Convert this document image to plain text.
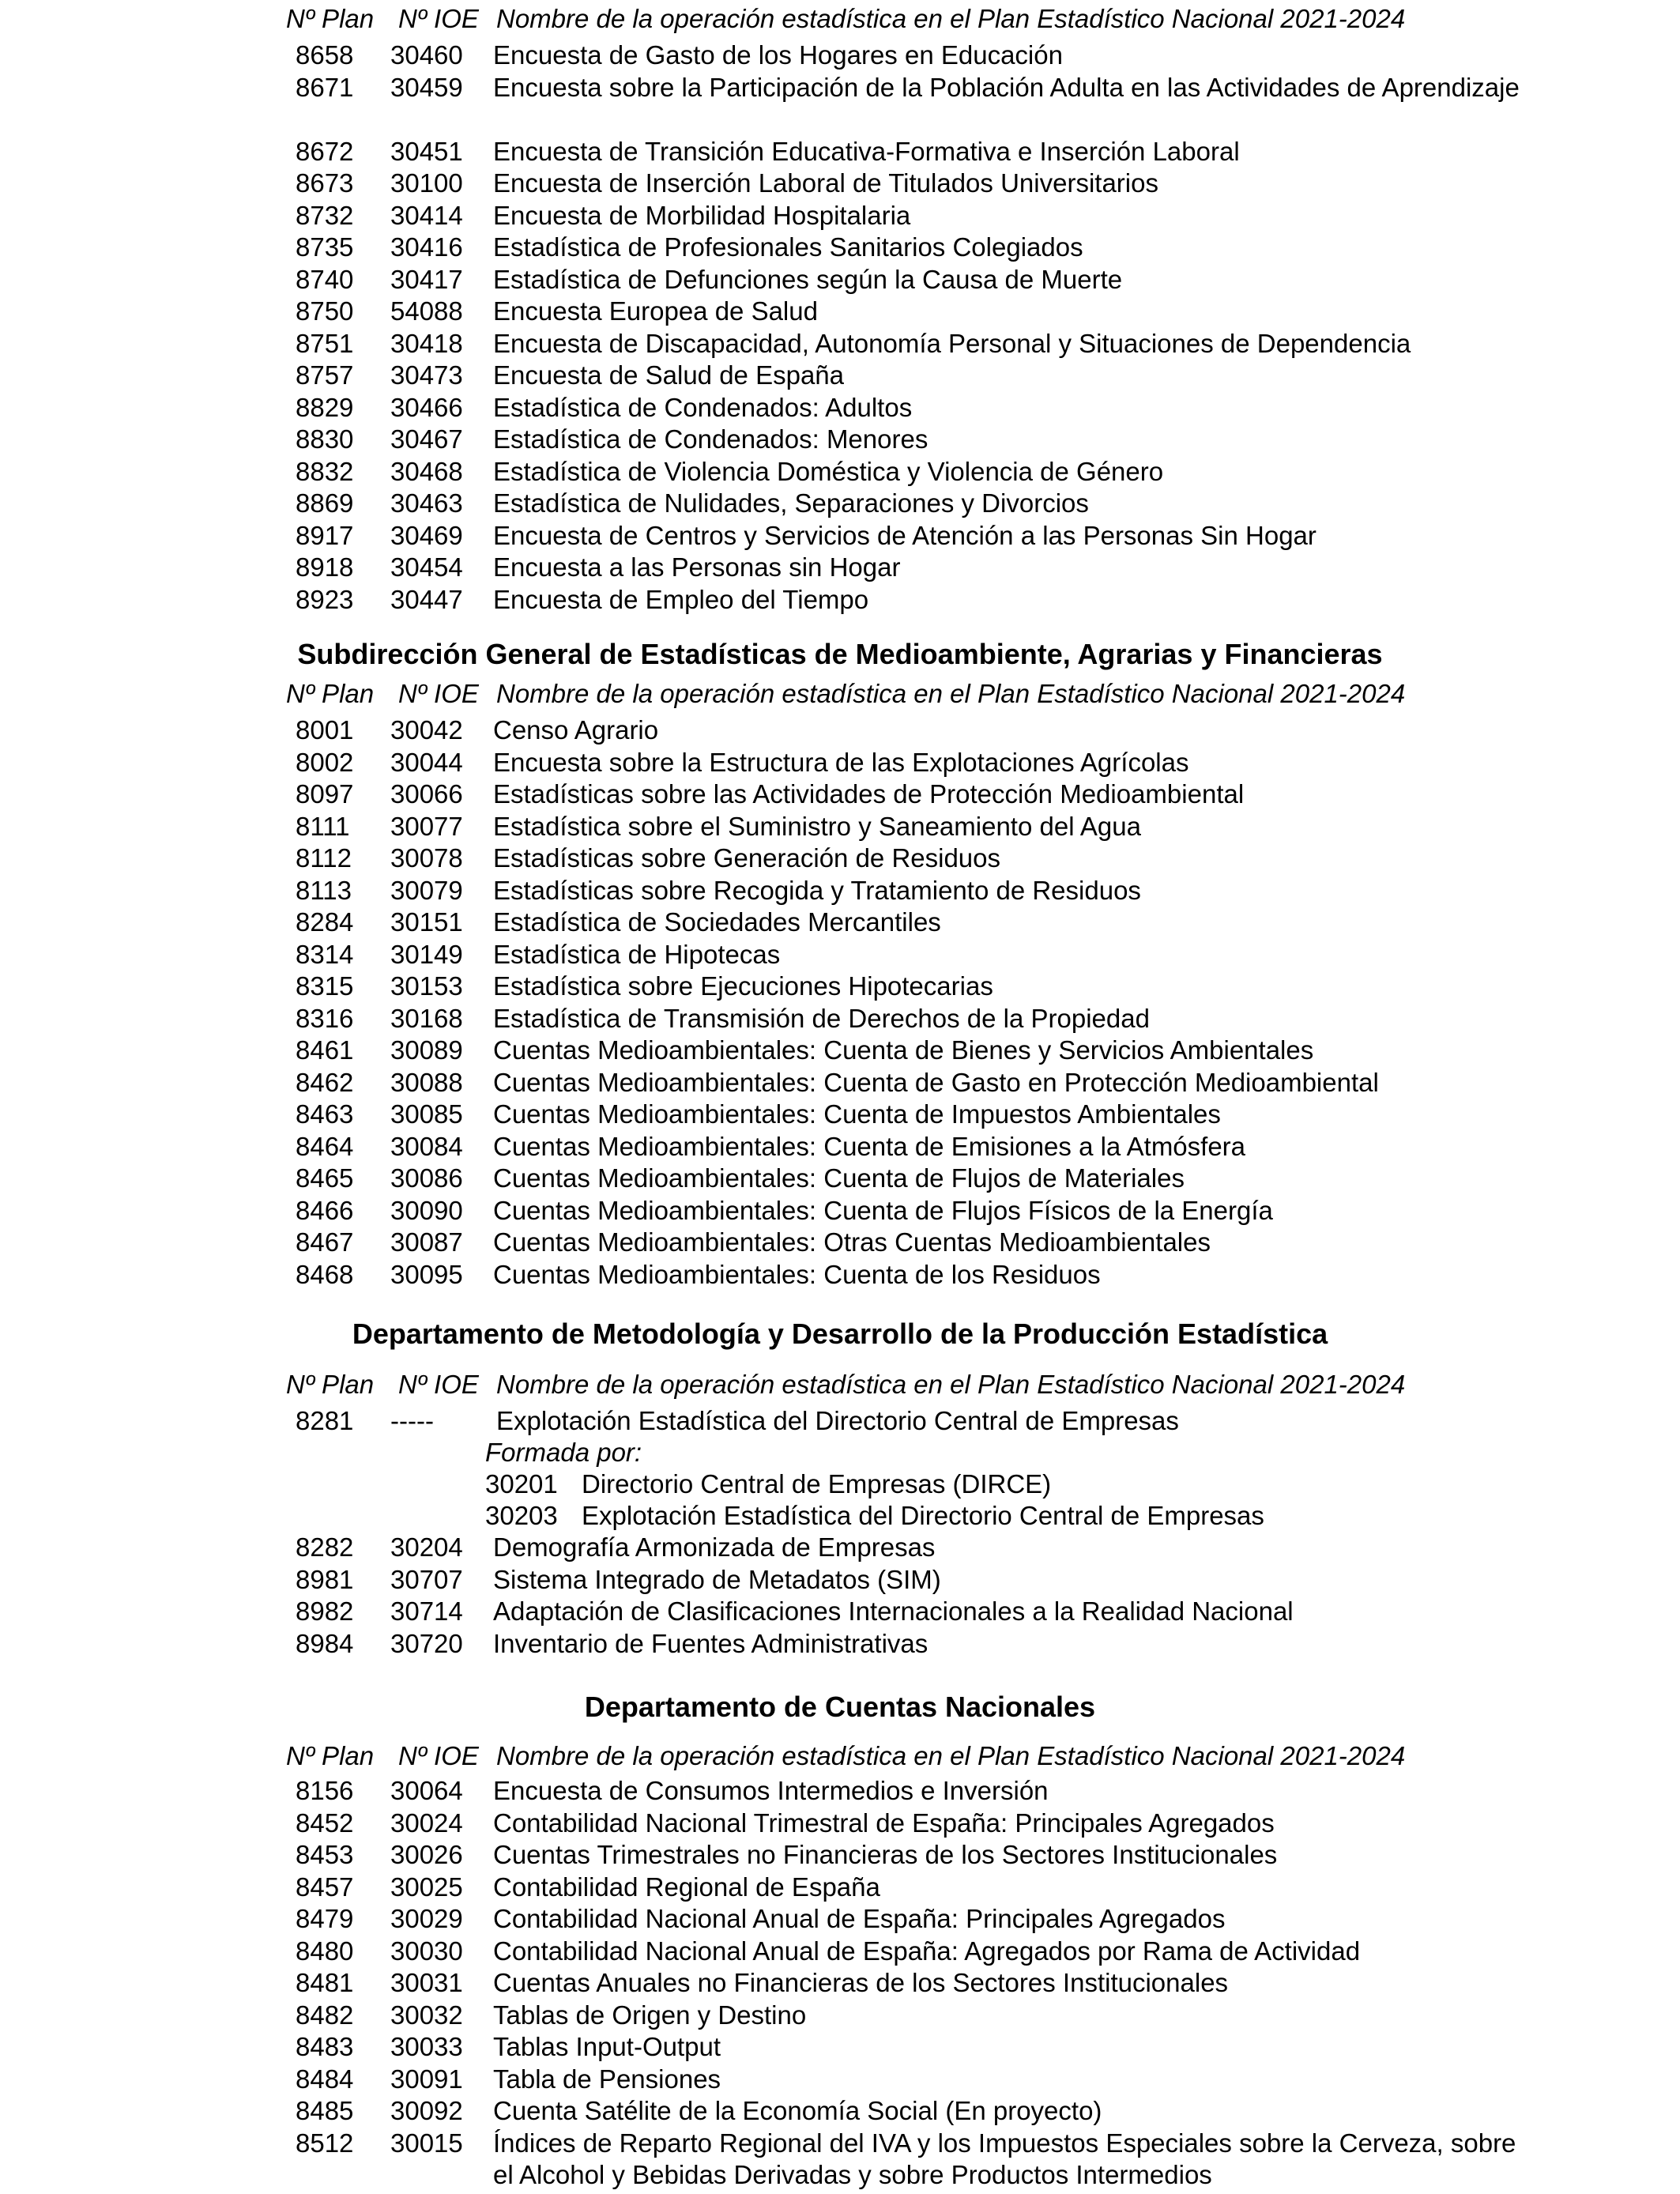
Nº Plan Nº IOE Nombre de la operación estadística en el Plan Estadístico Nacional 2021-2024
8658 30460 Encuesta de Gasto de los Hogares en Educación
8671 30459 Encuesta sobre la Participación de la Población Adulta en las Actividades de Aprendizaje
8672 30451 Encuesta de Transición Educativa-Formativa e Inserción Laboral
8673 30100 Encuesta de Inserción Laboral de Titulados Universitarios
8732 30414 Encuesta de Morbilidad Hospitalaria
8735 30416 Estadística de Profesionales Sanitarios Colegiados
8740 30417 Estadística de Defunciones según la Causa de Muerte
8750 54088 Encuesta Europea de Salud
8751 30418 Encuesta de Discapacidad, Autonomía Personal y Situaciones de Dependencia
8757 30473 Encuesta de Salud de España
8829 30466 Estadística de Condenados: Adultos
8830 30467 Estadística de Condenados: Menores
8832 30468 Estadística de Violencia Doméstica y Violencia de Género
8869 30463 Estadística de Nulidades, Separaciones y Divorcios
8917 30469 Encuesta de Centros y Servicios de Atención a las Personas Sin Hogar
8918 30454 Encuesta a las Personas sin Hogar
8923 30447 Encuesta de Empleo del Tiempo
Subdirección General de Estadísticas de Medioambiente, Agrarias y Financieras
Nº Plan Nº IOE Nombre de la operación estadística en el Plan Estadístico Nacional 2021-2024
8001 30042 Censo Agrario
8002 30044 Encuesta sobre la Estructura de las Explotaciones Agrícolas
8097 30066 Estadísticas sobre las Actividades de Protección Medioambiental
8111 30077 Estadística sobre el Suministro y Saneamiento del Agua
8112 30078 Estadísticas sobre Generación de Residuos
8113 30079 Estadísticas sobre Recogida y Tratamiento de Residuos
8284 30151 Estadística de Sociedades Mercantiles
8314 30149 Estadística de Hipotecas
8315 30153 Estadística sobre Ejecuciones Hipotecarias
8316 30168 Estadística de Transmisión de Derechos de la Propiedad
8461 30089 Cuentas Medioambientales: Cuenta de Bienes y Servicios Ambientales
8462 30088 Cuentas Medioambientales: Cuenta de Gasto en Protección Medioambiental
8463 30085 Cuentas Medioambientales: Cuenta de Impuestos Ambientales
8464 30084 Cuentas Medioambientales: Cuenta de Emisiones a la Atmósfera
8465 30086 Cuentas Medioambientales: Cuenta de Flujos de Materiales
8466 30090 Cuentas Medioambientales: Cuenta de Flujos Físicos de la Energía
8467 30087 Cuentas Medioambientales: Otras Cuentas Medioambientales
8468 30095 Cuentas Medioambientales: Cuenta de los Residuos
Departamento de Metodología y Desarrollo de la Producción Estadística
Nº Plan Nº IOE Nombre de la operación estadística en el Plan Estadístico Nacional 2021-2024
8281 ----- Explotación Estadística del Directorio Central de Empresas
Formada por:
30201 Directorio Central de Empresas (DIRCE)
30203 Explotación Estadística del Directorio Central de Empresas
8282 30204 Demografía Armonizada de Empresas
8981 30707 Sistema Integrado de Metadatos (SIM)
8982 30714 Adaptación de Clasificaciones Internacionales a la Realidad Nacional
8984 30720 Inventario de Fuentes Administrativas
Departamento de Cuentas Nacionales
Nº Plan Nº IOE Nombre de la operación estadística en el Plan Estadístico Nacional 2021-2024
8156 30064 Encuesta de Consumos Intermedios e Inversión
8452 30024 Contabilidad Nacional Trimestral de España: Principales Agregados
8453 30026 Cuentas Trimestrales no Financieras de los Sectores Institucionales
8457 30025 Contabilidad Regional de España
8479 30029 Contabilidad Nacional Anual de España: Principales Agregados
8480 30030 Contabilidad Nacional Anual de España: Agregados por Rama de Actividad
8481 30031 Cuentas Anuales no Financieras de los Sectores Institucionales
8482 30032 Tablas de Origen y Destino
8483 30033 Tablas Input-Output
8484 30091 Tabla de Pensiones
8485 30092 Cuenta Satélite de la Economía Social (En proyecto)
8512 30015 Índices de Reparto Regional del IVA y los Impuestos Especiales sobre la Cerveza, sobre el Alcohol y Bebidas Derivadas y sobre Productos Intermedios
